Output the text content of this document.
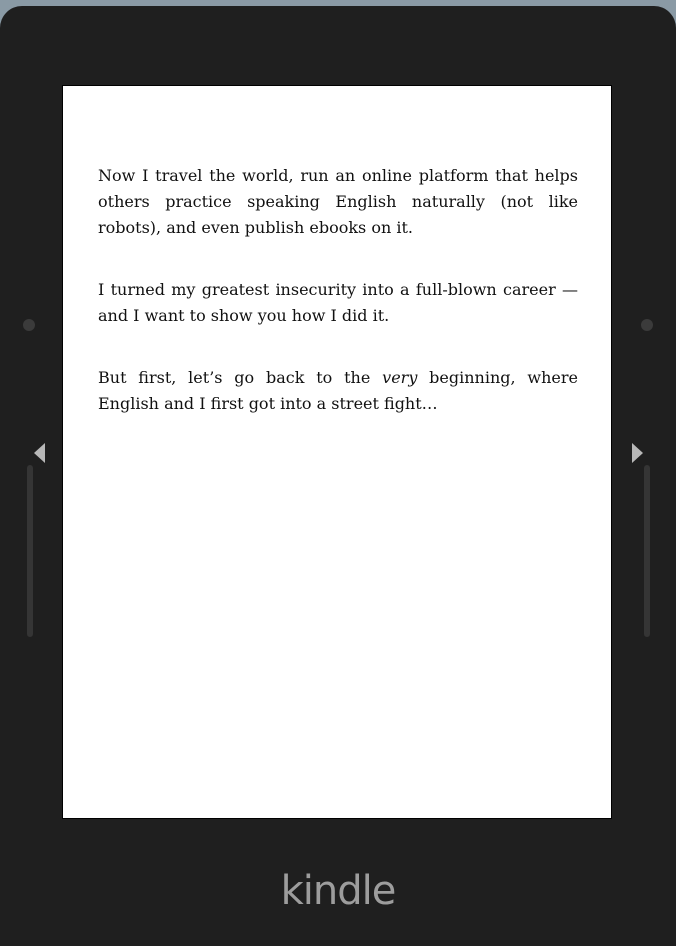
Now I travel the world, run an online platform that helps others practice speaking English naturally (not like robots), and even publish ebooks on it.

I turned my greatest insecurity into a full-blown career — and I want to show you how I did it.

But first, let’s go back to the very beginning, where English and I first got into a street fight…

kindle
